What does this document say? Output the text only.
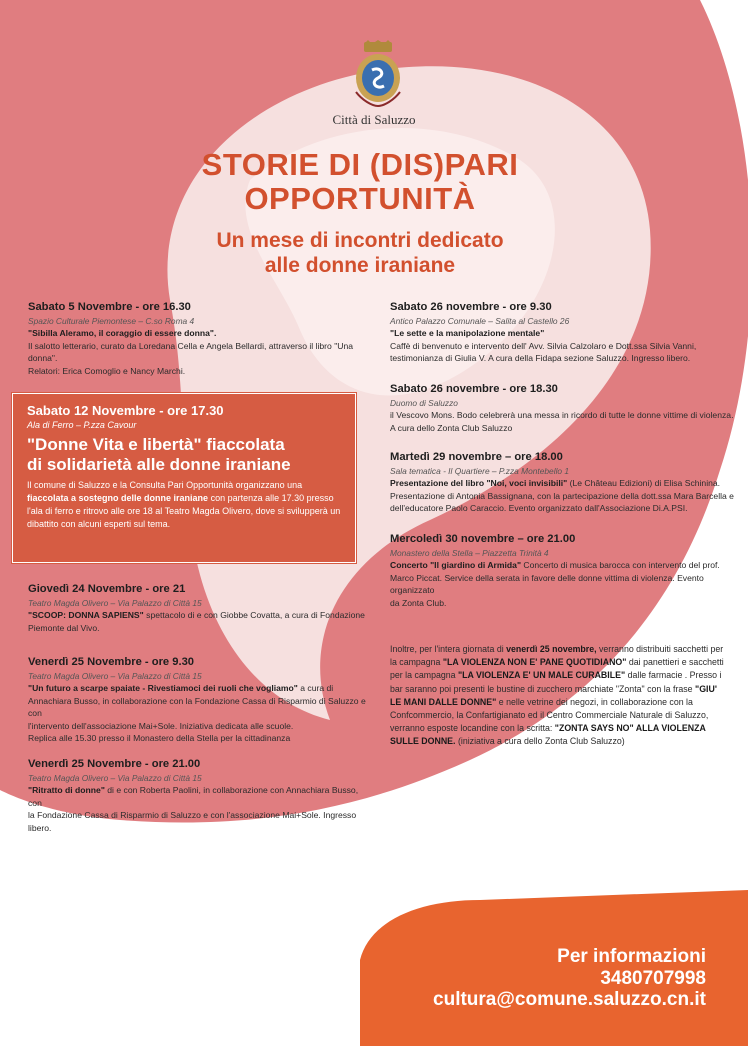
Città di Saluzzo
STORIE DI (DIS)PARI
OPPORTUNITÀ
Un mese di incontri dedicato
alle donne iraniane
Sabato 5 Novembre - ore 16.30
Spazio Culturale Piemontese – C.so Roma 4
"Sibilla Aleramo, il coraggio di essere donna".
Il salotto letterario, curato da Loredana Cella e Angela Bellardi, attraverso il libro "Una donna".
Relatori: Erica Comoglio e Nancy Marchi.
Sabato 12 Novembre - ore 17.30
Ala di Ferro – P.zza Cavour
"Donne Vita e libertà" fiaccolata
di solidarietà alle donne iraniane
Il comune di Saluzzo e la Consulta Pari Opportunità organizzano una fiaccolata a sostegno delle donne iraniane con partenza alle 17.30 presso l'ala di ferro e ritrovo alle ore 18 al Teatro Magda Olivero, dove si svilupperà un dibattito con alcuni esperti sul tema.
Giovedì 24 Novembre - ore 21
Teatro Magda Olivero – Via Palazzo di Città 15
"SCOOP: DONNA SAPIENS" spettacolo di e con Giobbe Covatta, a cura di Fondazione
Piemonte dal Vivo.
Venerdì 25 Novembre - ore 9.30
Teatro Magda Olivero – Via Palazzo di Città 15
"Un futuro a scarpe spaiate - Rivestiamoci dei ruoli che vogliamo" a cura di Annachiara Busso, in collaborazione con la Fondazione Cassa di Risparmio di Saluzzo e con
l'intervento dell'associazione Mai+Sole. Iniziativa dedicata alle scuole.
Replica alle 15.30 presso il Monastero della Stella per la cittadinanza
Venerdì 25 Novembre - ore 21.00
Teatro Magda Olivero – Via Palazzo di Città 15
"Ritratto di donne" di e con Roberta Paolini, in collaborazione con Annachiara Busso, con
la Fondazione Cassa di Risparmio di Saluzzo e con l'associazione Mai+Sole. Ingresso libero.
Sabato 26 novembre - ore 9.30
Antico Palazzo Comunale – Salita al Castello 26
"Le sette e la manipolazione mentale"
Caffè di benvenuto e intervento dell' Avv. Silvia Calzolaro e Dott.ssa Silvia Vanni,
testimonianza di Giulia V. A cura della Fidapa sezione Saluzzo. Ingresso libero.
Sabato 26 novembre - ore 18.30
Duomo di Saluzzo
il Vescovo Mons. Bodo celebrerà una messa in ricordo di tutte le donne vittime di violenza.
A cura dello Zonta Club Saluzzo
Martedì 29 novembre – ore 18.00
Sala tematica - Il Quartiere – P.zza Montebello 1
Presentazione del libro "Noi, voci invisibili" (Le Château Edizioni) di Elisa Schinina.
Presentazione di Antonia Bassignana, con la partecipazione della dott.ssa Mara Barcella e
dell'educatore Paolo Caraccio. Evento organizzato dall'Associazione Di.A.PSI.
Mercoledì 30 novembre – ore 21.00
Monastero della Stella – Piazzetta Trinità 4
Concerto "Il giardino di Armida" Concerto di musica barocca con intervento del prof.
Marco Piccat. Service della serata in favore delle donne vittima di violenza. Evento organizzato
da Zonta Club.
Inoltre, per l'intera giornata di venerdì 25 novembre, verranno distribuiti sacchetti per la campagna "LA VIOLENZA NON E' PANE QUOTIDIANO" dai panettieri e sacchetti per la campagna "LA VIOLENZA E' UN MALE CURABILE" dalle farmacie . Presso i bar saranno poi presenti le bustine di zucchero marchiate "Zonta" con la frase "GIU' LE MANI DALLE DONNE" e nelle vetrine dei negozi, in collaborazione con la Confcommercio, la Confartigianato ed il Centro Commerciale Naturale di Saluzzo, verranno esposte locandine con la scritta: "ZONTA SAYS NO" ALLA VIOLENZA SULLE DONNE. (iniziativa a cura dello Zonta Club Saluzzo)
Per informazioni
3480707998
cultura@comune.saluzzo.cn.it
